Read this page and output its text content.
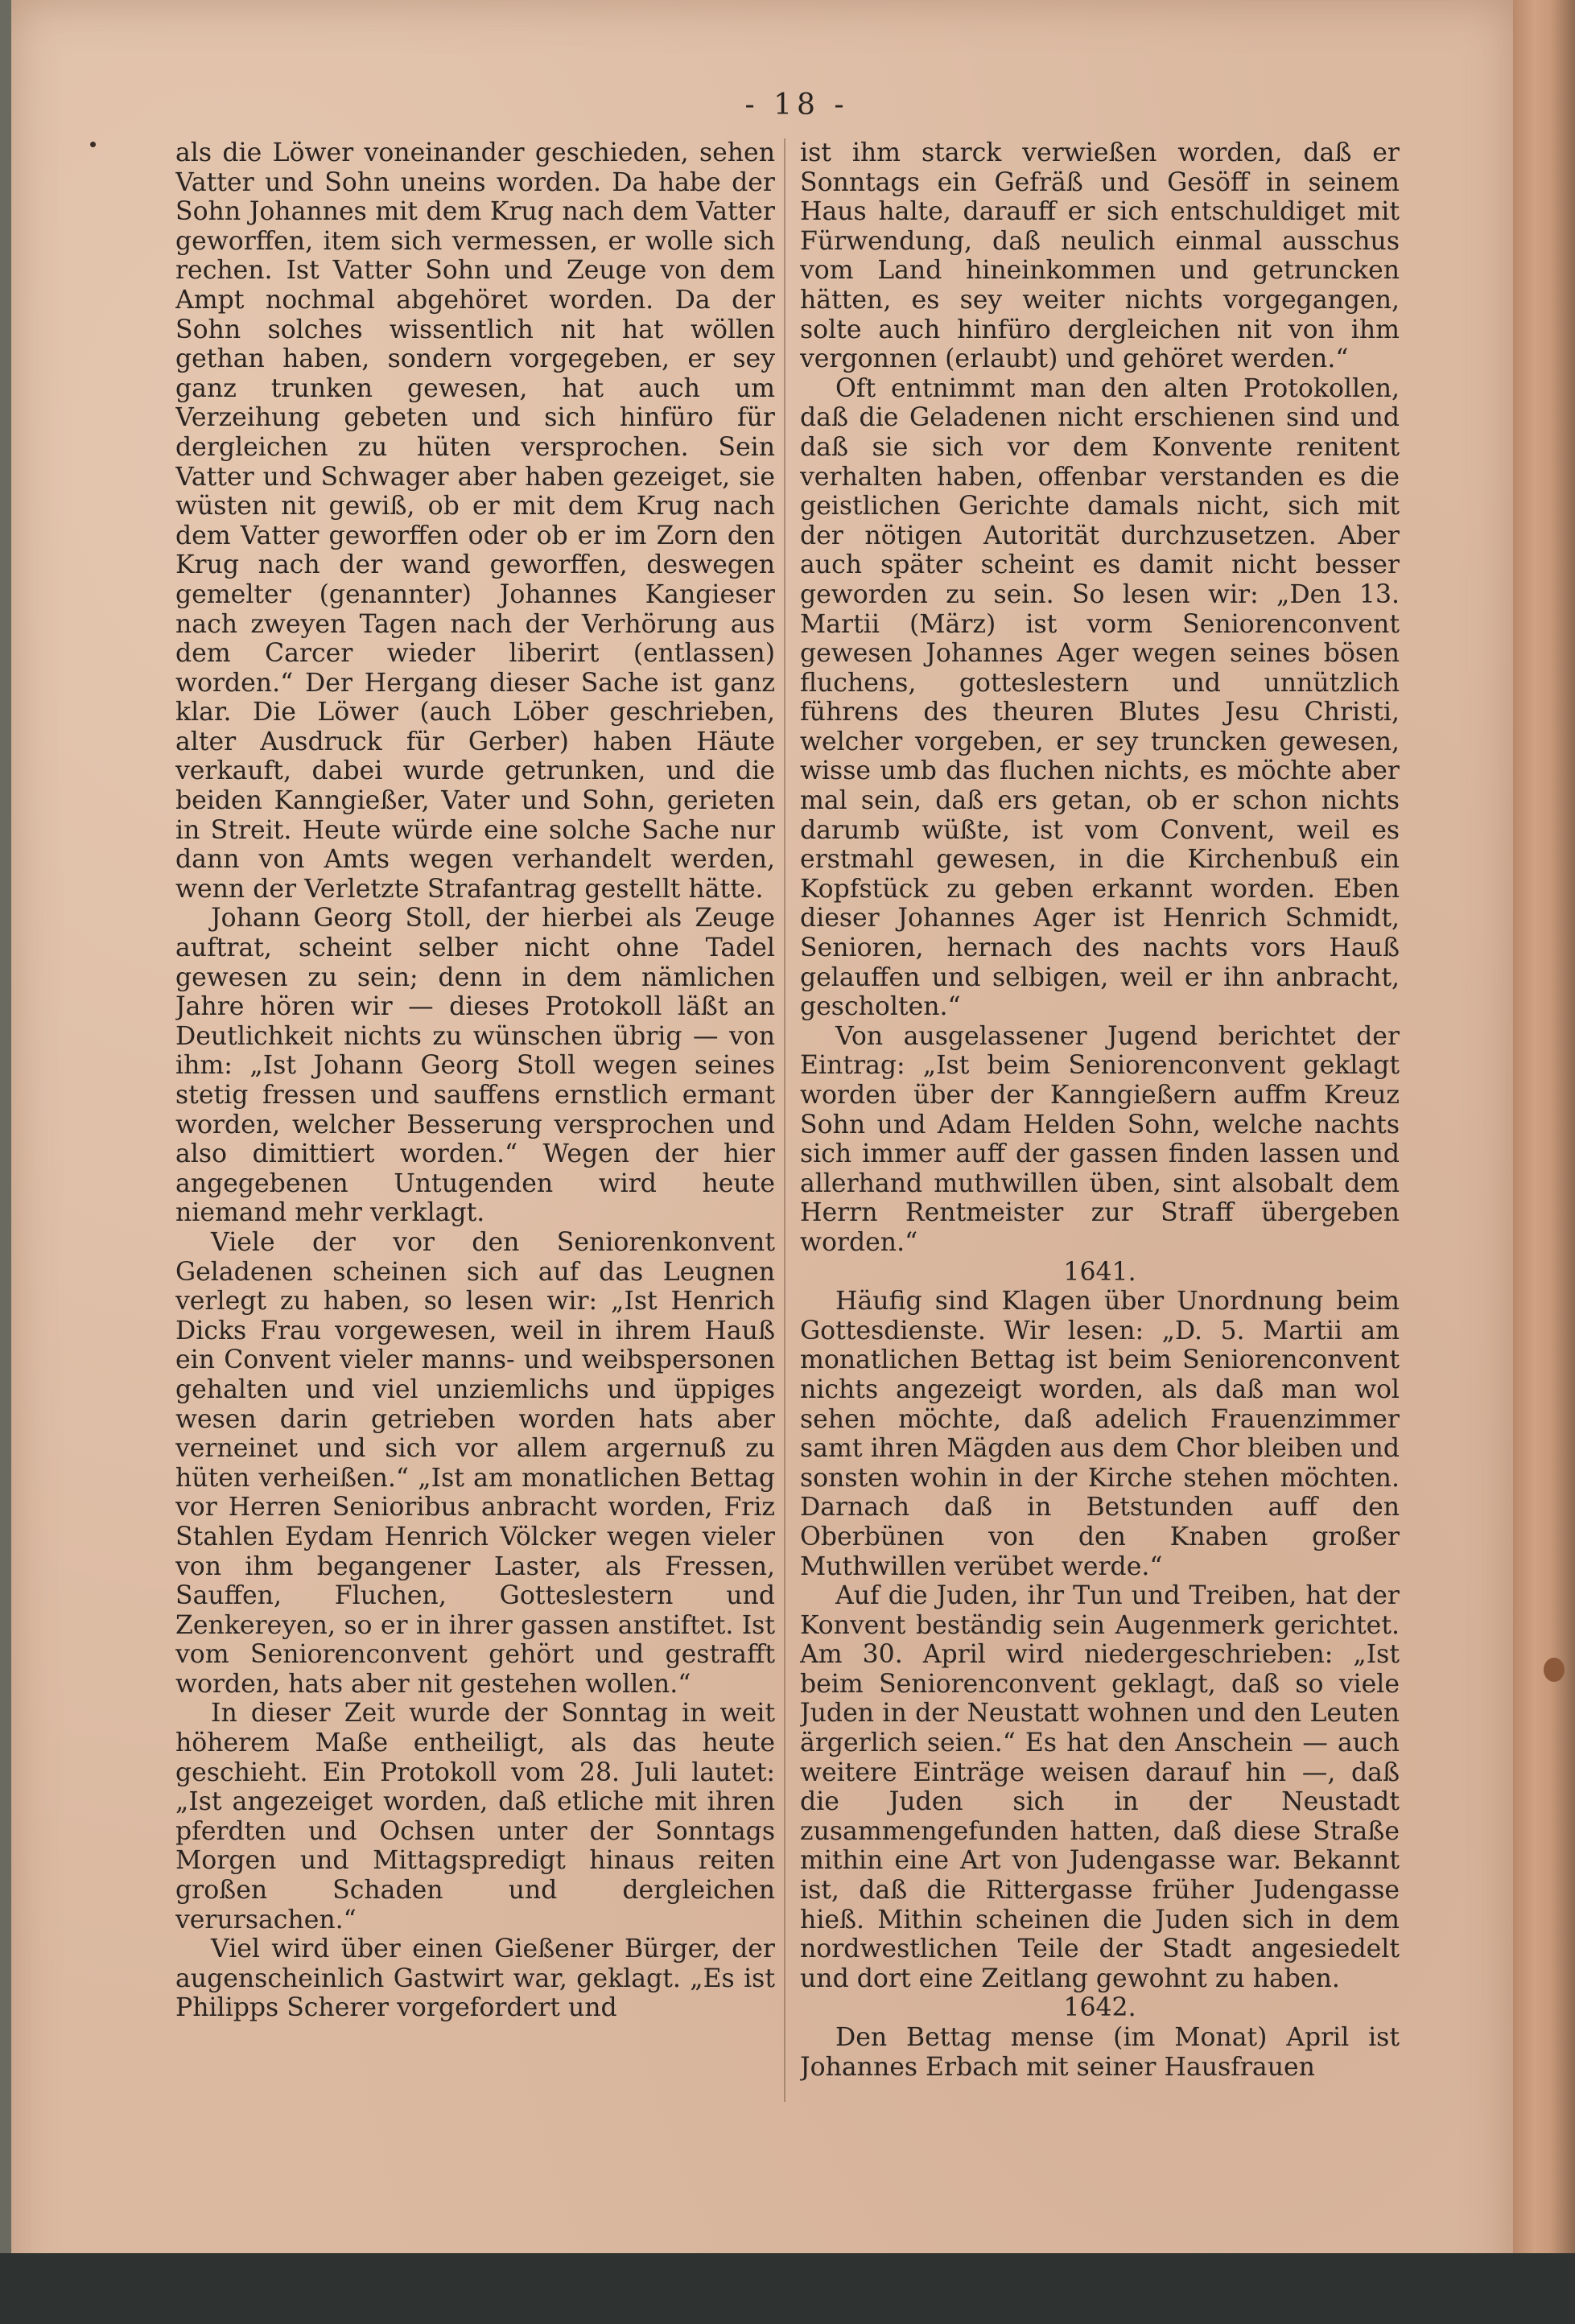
- 18 -

als die Löwer voneinander geschieden, sehen Vatter und Sohn uneins worden. Da habe der Sohn Johannes mit dem Krug nach dem Vatter geworffen, item sich vermessen, er wolle sich rechen. Ist Vatter Sohn und Zeuge von dem Ampt nochmal abgehöret worden. Da der Sohn solches wissentlich nit hat wöllen gethan haben, sondern vorgegeben, er sey ganz trunken gewesen, hat auch um Verzeihung gebeten und sich hinfüro für dergleichen zu hüten versprochen. Sein Vatter und Schwager aber haben gezeiget, sie wüsten nit gewiß, ob er mit dem Krug nach dem Vatter geworffen oder ob er im Zorn den Krug nach der wand geworffen, deswegen gemelter (genannter) Johannes Kangieser nach zweyen Tagen nach der Verhörung aus dem Carcer wieder liberirt (entlassen) worden.“ Der Hergang dieser Sache ist ganz klar. Die Löwer (auch Löber geschrieben, alter Ausdruck für Gerber) haben Häute verkauft, dabei wurde getrunken, und die beiden Kanngießer, Vater und Sohn, gerieten in Streit. Heute würde eine solche Sache nur dann von Amts wegen verhandelt werden, wenn der Verletzte Strafantrag gestellt hätte.

Johann Georg Stoll, der hierbei als Zeuge auftrat, scheint selber nicht ohne Tadel gewesen zu sein; denn in dem nämlichen Jahre hören wir — dieses Protokoll läßt an Deutlichkeit nichts zu wünschen übrig — von ihm: „Ist Johann Georg Stoll wegen seines stetig fressen und sauffens ernstlich ermant worden, welcher Besserung versprochen und also dimittiert worden.“ Wegen der hier angegebenen Untugenden wird heute niemand mehr verklagt.

Viele der vor den Seniorenkonvent Geladenen scheinen sich auf das Leugnen verlegt zu haben, so lesen wir: „Ist Henrich Dicks Frau vorgewesen, weil in ihrem Hauß ein Convent vieler manns- und weibspersonen gehalten und viel unziemlichs und üppiges wesen darin getrieben worden hats aber verneinet und sich vor allem argernuß zu hüten verheißen.“ „Ist am monatlichen Bettag vor Herren Senioribus anbracht worden, Friz Stahlen Eydam Henrich Völcker wegen vieler von ihm begangener Laster, als Fressen, Sauffen, Fluchen, Gotteslestern und Zenkereyen, so er in ihrer gassen anstiftet. Ist vom Seniorenconvent gehört und gestrafft worden, hats aber nit gestehen wollen.“

In dieser Zeit wurde der Sonntag in weit höherem Maße entheiligt, als das heute geschieht. Ein Protokoll vom 28. Juli lautet: „Ist angezeiget worden, daß etliche mit ihren pferdten und Ochsen unter der Sonntags Morgen und Mittagspredigt hinaus reiten großen Schaden und dergleichen verursachen.“

Viel wird über einen Gießener Bürger, der augenscheinlich Gastwirt war, geklagt. „Es ist Philipps Scherer vorgefordert und

ist ihm starck verwießen worden, daß er Sonntags ein Gefräß und Gesöff in seinem Haus halte, darauff er sich entschuldiget mit Fürwendung, daß neulich einmal ausschus vom Land hineinkommen und getruncken hätten, es sey weiter nichts vorgegangen, solte auch hinfüro dergleichen nit von ihm vergonnen (erlaubt) und gehöret werden.“

Oft entnimmt man den alten Protokollen, daß die Geladenen nicht erschienen sind und daß sie sich vor dem Konvente renitent verhalten haben, offenbar verstanden es die geistlichen Gerichte damals nicht, sich mit der nötigen Autorität durchzusetzen. Aber auch später scheint es damit nicht besser geworden zu sein. So lesen wir: „Den 13. Martii (März) ist vorm Seniorenconvent gewesen Johannes Ager wegen seines bösen fluchens, gotteslestern und unnützlich führens des theuren Blutes Jesu Christi, welcher vorgeben, er sey truncken gewesen, wisse umb das fluchen nichts, es möchte aber mal sein, daß ers getan, ob er schon nichts darumb wüßte, ist vom Convent, weil es erstmahl gewesen, in die Kirchenbuß ein Kopfstück zu geben erkannt worden. Eben dieser Johannes Ager ist Henrich Schmidt, Senioren, hernach des nachts vors Hauß gelauffen und selbigen, weil er ihn anbracht, gescholten.“

Von ausgelassener Jugend berichtet der Eintrag: „Ist beim Seniorenconvent geklagt worden über der Kanngießern auffm Kreuz Sohn und Adam Helden Sohn, welche nachts sich immer auff der gassen finden lassen und allerhand muthwillen üben, sint alsobalt dem Herrn Rentmeister zur Straff übergeben worden.“

1641.

Häufig sind Klagen über Unordnung beim Gottesdienste. Wir lesen: „D. 5. Martii am monatlichen Bettag ist beim Seniorenconvent nichts angezeigt worden, als daß man wol sehen möchte, daß adelich Frauenzimmer samt ihren Mägden aus dem Chor bleiben und sonsten wohin in der Kirche stehen möchten. Darnach daß in Betstunden auff den Oberbünen von den Knaben großer Muthwillen verübet werde.“

Auf die Juden, ihr Tun und Treiben, hat der Konvent beständig sein Augenmerk gerichtet. Am 30. April wird niedergeschrieben: „Ist beim Seniorenconvent geklagt, daß so viele Juden in der Neustatt wohnen und den Leuten ärgerlich seien.“ Es hat den Anschein — auch weitere Einträge weisen darauf hin —, daß die Juden sich in der Neustadt zusammengefunden hatten, daß diese Straße mithin eine Art von Judengasse war. Bekannt ist, daß die Rittergasse früher Judengasse hieß. Mithin scheinen die Juden sich in dem nordwestlichen Teile der Stadt angesiedelt und dort eine Zeitlang gewohnt zu haben.

1642.

Den Bettag mense (im Monat) April ist Johannes Erbach mit seiner Hausfrauen
